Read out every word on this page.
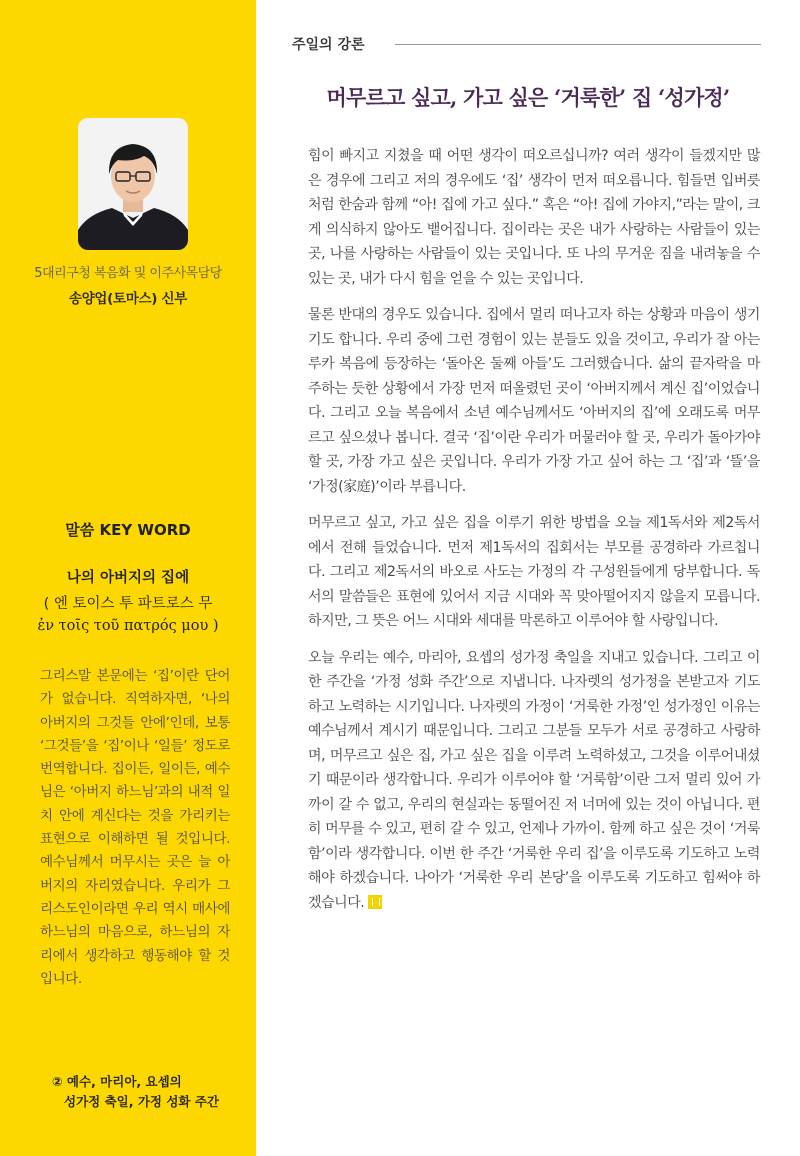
5대리구청 복음화 및 이주사목담당
송양업(토마스) 신부
말씀 KEY WORD
나의 아버지의 집에
( 엔 토이스 투 파트로스 무
ἐν τοῖς τοῦ πατρός μου )
그리스말 본문에는 ‘집’이란 단어가 없습니다. 직역하자면, ‘나의 아버지의 그것들 안에’인데, 보통 ‘그것들’을 ‘집’이나 ‘일들’ 정도로 번역합니다. 집이든, 일이든, 예수님은 ‘아버지 하느님’과의 내적 일치 안에 계신다는 것을 가리키는 표현으로 이해하면 될 것입니다. 예수님께서 머무시는 곳은 늘 아버지의 자리였습니다. 우리가 그리스도인이라면 우리 역시 매사에 하느님의 마음으로, 하느님의 자리에서 생각하고 행동해야 할 것입니다.
② 예수, 마리아, 요셉의
성가정 축일, 가정 성화 주간
주일의 강론
머무르고 싶고, 가고 싶은 ‘거룩한’ 집 ‘성가정’

힘이 빠지고 지쳤을 때 어떤 생각이 떠오르십니까? 여러 생각이 들겠지만 많은 경우에 그리고 저의 경우에도 ‘집’ 생각이 먼저 떠오릅니다. 힘들면 입버릇처럼 한숨과 함께 “아! 집에 가고 싶다.” 혹은 “아! 집에 가야지,”라는 말이, 크게 의식하지 않아도 뱉어집니다. 집이라는 곳은 내가 사랑하는 사람들이 있는 곳, 나를 사랑하는 사람들이 있는 곳입니다. 또 나의 무거운 짐을 내려놓을 수 있는 곳, 내가 다시 힘을 얻을 수 있는 곳입니다.

물론 반대의 경우도 있습니다. 집에서 멀리 떠나고자 하는 상황과 마음이 생기기도 합니다. 우리 중에 그런 경험이 있는 분들도 있을 것이고, 우리가 잘 아는 루카 복음에 등장하는 ‘돌아온 둘째 아들’도 그러했습니다. 삶의 끝자락을 마주하는 듯한 상황에서 가장 먼저 떠올렸던 곳이 ‘아버지께서 계신 집’이었습니다. 그리고 오늘 복음에서 소년 예수님께서도 ‘아버지의 집’에 오래도록 머무르고 싶으셨나 봅니다. 결국 ‘집’이란 우리가 머물러야 할 곳, 우리가 돌아가야 할 곳, 가장 가고 싶은 곳입니다. 우리가 가장 가고 싶어 하는 그 ‘집’과 ‘뜰’을 ‘가정(家庭)’이라 부릅니다.

머무르고 싶고, 가고 싶은 집을 이루기 위한 방법을 오늘 제1독서와 제2독서에서 전해 들었습니다. 먼저 제1독서의 집회서는 부모를 공경하라 가르칩니다. 그리고 제2독서의 바오로 사도는 가정의 각 구성원들에게 당부합니다. 독서의 말씀들은 표현에 있어서 지금 시대와 꼭 맞아떨어지지 않을지 모릅니다. 하지만, 그 뜻은 어느 시대와 세대를 막론하고 이루어야 할 사랑입니다.

오늘 우리는 예수, 마리아, 요셉의 성가정 축일을 지내고 있습니다. 그리고 이 한 주간을 ‘가정 성화 주간’으로 지냅니다. 나자렛의 성가정을 본받고자 기도하고 노력하는 시기입니다. 나자렛의 가정이 ‘거룩한 가정’인 성가정인 이유는 예수님께서 계시기 때문입니다. 그리고 그분들 모두가 서로 공경하고 사랑하며, 머무르고 싶은 집, 가고 싶은 집을 이루려 노력하셨고, 그것을 이루어내셨기 때문이라 생각합니다. 우리가 이루어야 할 ‘거룩함’이란 그저 멀리 있어 가까이 갈 수 없고, 우리의 현실과는 동떨어진 저 너머에 있는 것이 아닙니다. 편히 머무를 수 있고, 편히 갈 수 있고, 언제나 가까이. 함께 하고 싶은 것이 ‘거룩함’이라 생각합니다. 이번 한 주간 ‘거룩한 우리 집’을 이루도록 기도하고 노력해야 하겠습니다. 나아가 ‘거룩한 우리 본당’을 이루도록 기도하고 힘써야 하겠습니다.
